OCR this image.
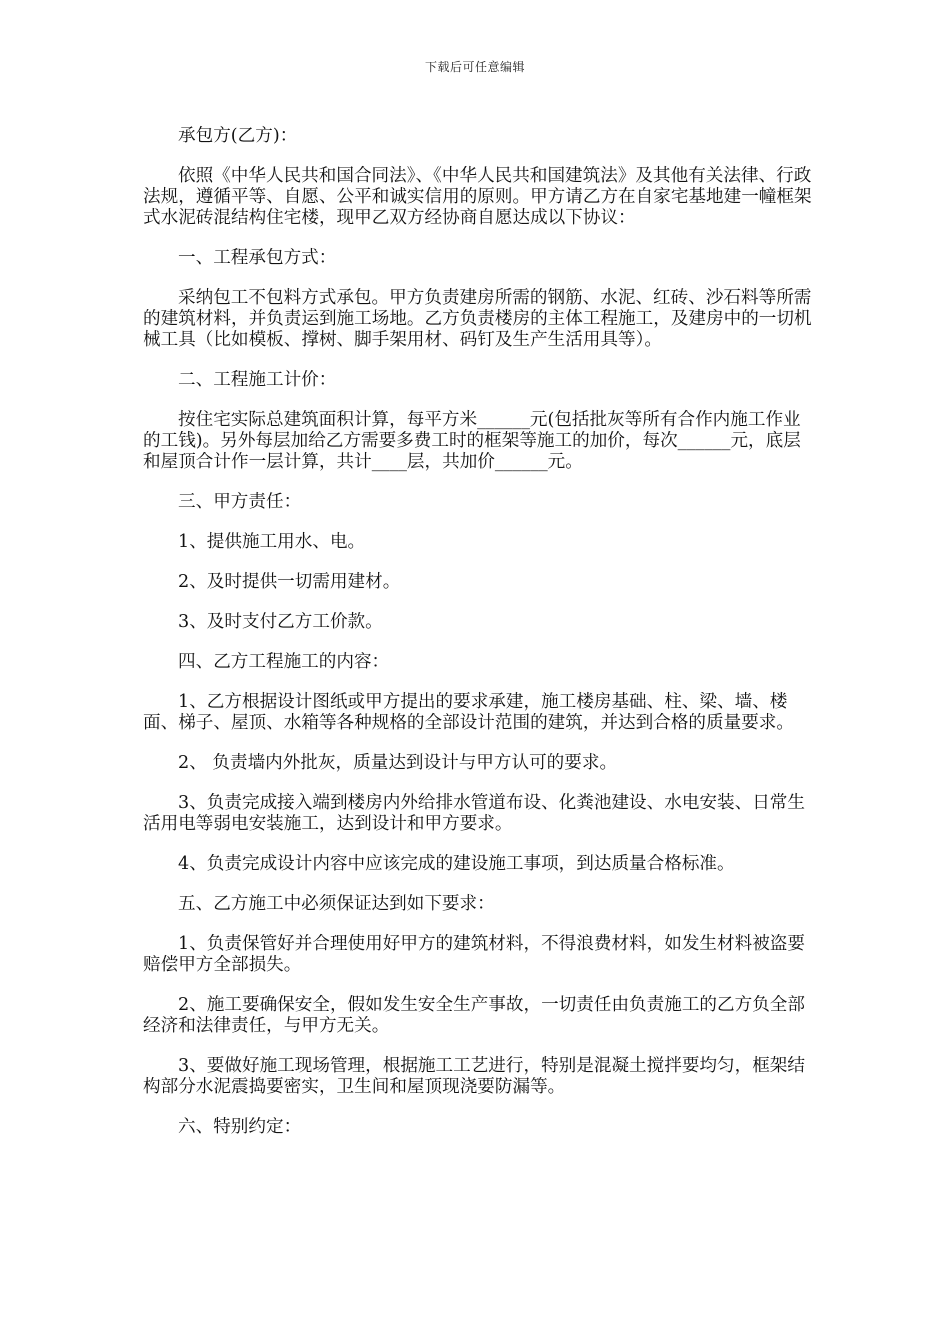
下载后可任意编辑

承包方(乙方)：

依照《中华人民共和国合同法》、《中华人民共和国建筑法》及其他有关法律、行政法规，遵循平等、自愿、公平和诚实信用的原则。甲方请乙方在自家宅基地建一幢框架式水泥砖混结构住宅楼，现甲乙双方经协商自愿达成以下协议：

一、工程承包方式：

采纳包工不包料方式承包。甲方负责建房所需的钢筋、水泥、红砖、沙石料等所需的建筑材料，并负责运到施工场地。乙方负责楼房的主体工程施工，及建房中的一切机械工具（比如模板、撑树、脚手架用材、码钉及生产生活用具等）。

二、工程施工计价：

按住宅实际总建筑面积计算，每平方米______元(包括批灰等所有合作内施工作业的工钱)。另外每层加给乙方需要多费工时的框架等施工的加价，每次______元，底层和屋顶合计作一层计算，共计____层，共加价______元。

三、甲方责任：

1、提供施工用水、电。

2、及时提供一切需用建材。

3、及时支付乙方工价款。

四、乙方工程施工的内容：

1、乙方根据设计图纸或甲方提出的要求承建，施工楼房基础、柱、梁、墙、楼面、梯子、屋顶、水箱等各种规格的全部设计范围的建筑，并达到合格的质量要求。

2、 负责墙内外批灰，质量达到设计与甲方认可的要求。

3、负责完成接入端到楼房内外给排水管道布设、化粪池建设、水电安装、日常生活用电等弱电安装施工，达到设计和甲方要求。

4、负责完成设计内容中应该完成的建设施工事项，到达质量合格标准。

五、乙方施工中必须保证达到如下要求：

1、负责保管好并合理使用好甲方的建筑材料，不得浪费材料，如发生材料被盗要赔偿甲方全部损失。

2、施工要确保安全，假如发生安全生产事故，一切责任由负责施工的乙方负全部经济和法律责任，与甲方无关。

3、要做好施工现场管理，根据施工工艺进行，特别是混凝土搅拌要均匀，框架结构部分水泥震捣要密实，卫生间和屋顶现浇要防漏等。

六、特别约定：
